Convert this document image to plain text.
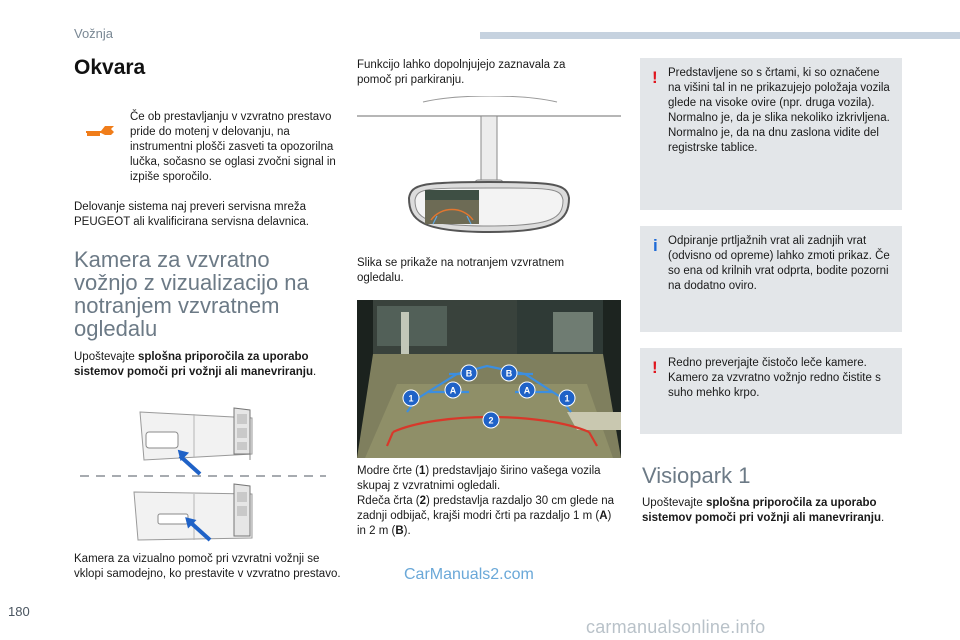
Vožnja
Okvara
Če ob prestavljanju v vzvratno prestavo pride do motenj v delovanju, na instrumentni plošči zasveti ta opozorilna lučka, sočasno se oglasi zvočni signal in izpiše sporočilo.
Delovanje sistema naj preveri servisna mreža PEUGEOT ali kvalificirana servisna delavnica.
Kamera za vzvratno vožnjo z vizualizacijo na notranjem vzvratnem ogledalu
Upoštevajte splošna priporočila za uporabo sistemov pomoči pri vožnji ali manevriranju.
Kamera za vizualno pomoč pri vzvratni vožnji se vklopi samodejno, ko prestavite v vzvratno prestavo.
Funkcijo lahko dopolnjujejo zaznavala za pomoč pri parkiranju.
Slika se prikaže na notranjem vzvratnem ogledalu.
B	B
A	A
1	1
2
Modre črte (1) predstavljajo širino vašega vozila skupaj z vzvratnimi ogledali.
Rdeča črta (2) predstavlja razdaljo 30 cm glede na zadnji odbijač, krajši modri črti pa razdaljo 1 m (A) in 2 m (B).
! Predstavljene so s črtami, ki so označene na višini tal in ne prikazujejo položaja vozila glede na visoke ovire (npr. druga vozila).
Normalno je, da je slika nekoliko izkrivljena.
Normalno je, da na dnu zaslona vidite del registrske tablice.
i Odpiranje prtljažnih vrat ali zadnjih vrat (odvisno od opreme) lahko zmoti prikaz. Če so ena od krilnih vrat odprta, bodite pozorni na dodatno oviro.
! Redno preverjajte čistočo leče kamere. Kamero za vzvratno vožnjo redno čistite s suho mehko krpo.
Visiopark 1
Upoštevajte splošna priporočila za uporabo sistemov pomoči pri vožnji ali manevriranju.
180
CarManuals2.com
carmanualsonline.info
